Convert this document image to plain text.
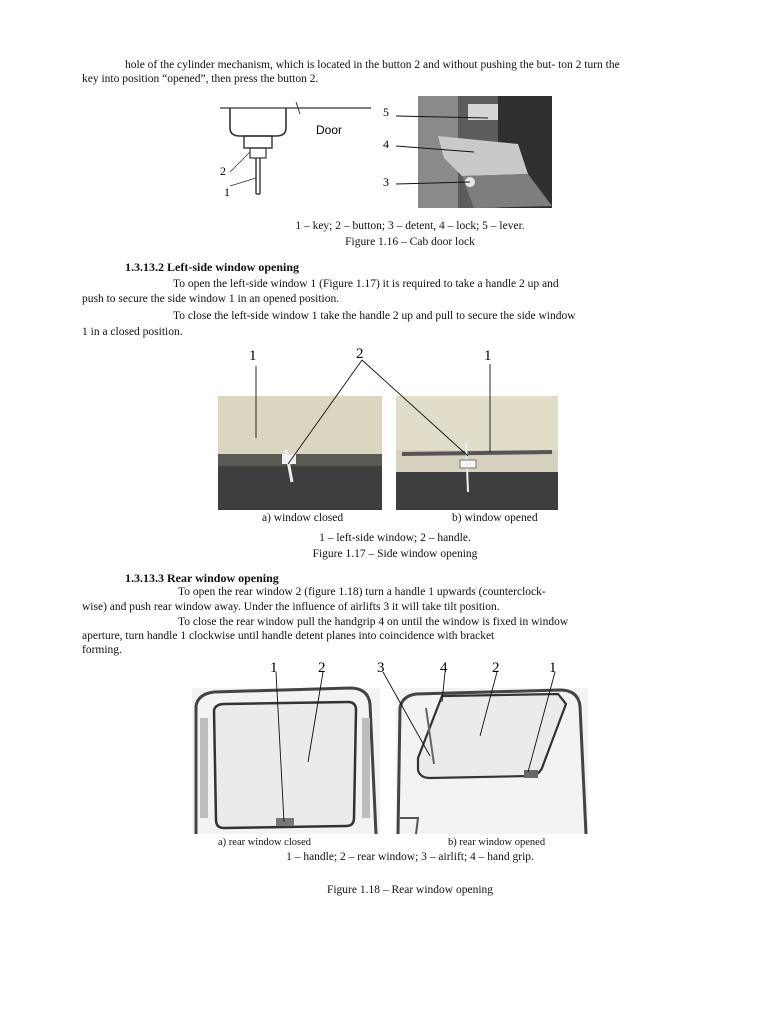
hole of the cylinder mechanism, which is located in the button 2 and without pushing the but- ton 2 turn the

key into position “opened”, then press the button 2.

2
1
Door
5
4
3

1 – key; 2 – button; 3 – detent, 4 – lock; 5 – lever.

Figure 1.16 – Cab door lock

1.3.13.2 Left-side window opening

To open the left-side window 1 (Figure 1.17) it is required to take a handle 2 up and

push to secure the side window 1 in an opened position.

To close the left-side window 1 take the handle 2 up and pull to secure the side window

1 in a closed position.

1	2	1

a) window closed	b) window opened

1 – left-side window; 2 – handle.

Figure 1.17 – Side window opening

1.3.13.3 Rear window opening

To open the rear window 2 (figure 1.18) turn a handle 1 upwards (counterclock-

wise) and push rear window away. Under the influence of airlifts 3 it will take tilt position.

To close the rear window pull the handgrip 4 on until the window is fixed in window

aperture, turn handle 1 clockwise until handle detent planes into coincidence with bracket

forming.

1	2	3	4	2	1

a) rear window closed	b) rear window opened

1 – handle; 2 – rear window; 3 – airlift; 4 – hand grip.

Figure 1.18 – Rear window opening
